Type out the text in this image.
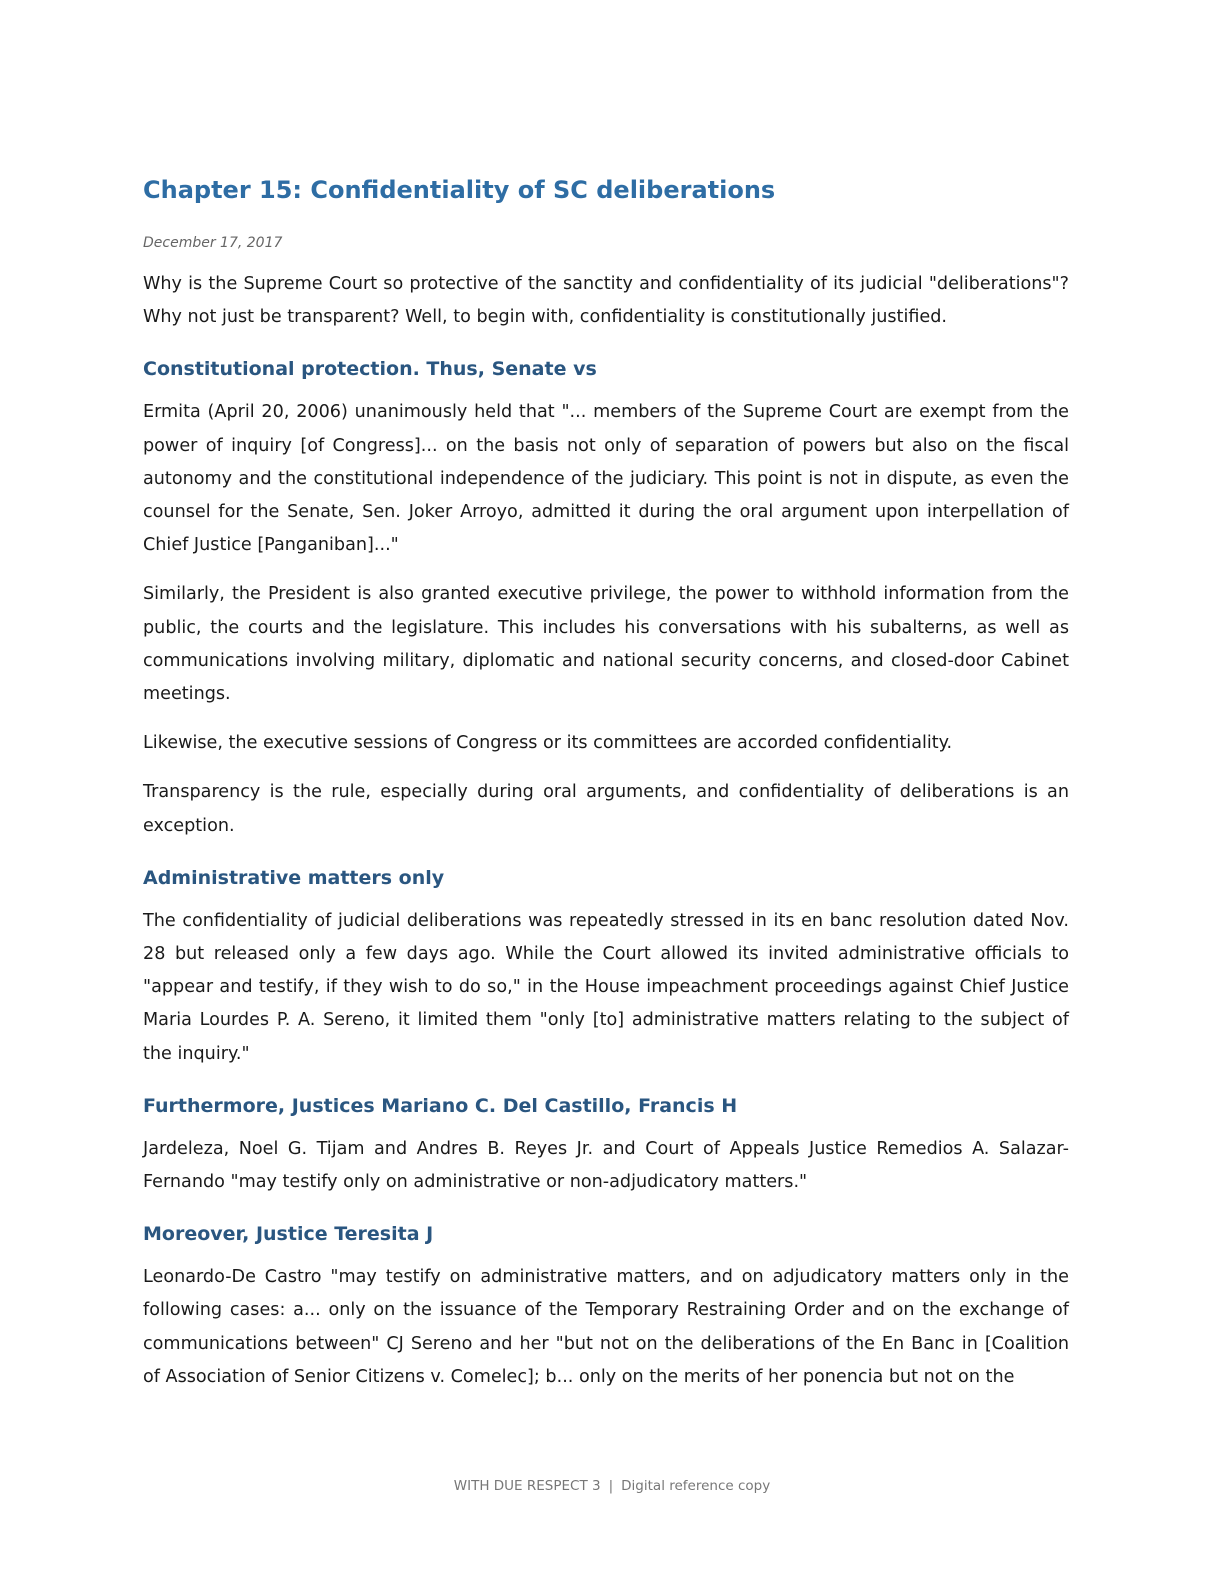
Chapter 15: Confidentiality of SC deliberations
December 17, 2017

Why is the Supreme Court so protective of the sanctity and confidentiality of its judicial "deliberations"? Why not just be transparent? Well, to begin with, confidentiality is constitutionally justified.

Constitutional protection. Thus, Senate vs

Ermita (April 20, 2006) unanimously held that "... members of the Supreme Court are exempt from the power of inquiry [of Congress]... on the basis not only of separation of powers but also on the fiscal autonomy and the constitutional independence of the judiciary. This point is not in dispute, as even the counsel for the Senate, Sen. Joker Arroyo, admitted it during the oral argument upon interpellation of Chief Justice [Panganiban]..."

Similarly, the President is also granted executive privilege, the power to withhold information from the public, the courts and the legislature. This includes his conversations with his subalterns, as well as communications involving military, diplomatic and national security concerns, and closed-door Cabinet meetings.

Likewise, the executive sessions of Congress or its committees are accorded confidentiality.

Transparency is the rule, especially during oral arguments, and confidentiality of deliberations is an exception.

Administrative matters only

The confidentiality of judicial deliberations was repeatedly stressed in its en banc resolution dated Nov. 28 but released only a few days ago. While the Court allowed its invited administrative officials to "appear and testify, if they wish to do so," in the House impeachment proceedings against Chief Justice Maria Lourdes P. A. Sereno, it limited them "only [to] administrative matters relating to the subject of the inquiry."

Furthermore, Justices Mariano C. Del Castillo, Francis H

Jardeleza, Noel G. Tijam and Andres B. Reyes Jr. and Court of Appeals Justice Remedios A. Salazar-Fernando "may testify only on administrative or non-adjudicatory matters."

Moreover, Justice Teresita J

Leonardo-De Castro "may testify on administrative matters, and on adjudicatory matters only in the following cases: a... only on the issuance of the Temporary Restraining Order and on the exchange of communications between" CJ Sereno and her "but not on the deliberations of the En Banc in [Coalition of Association of Senior Citizens v. Comelec]; b... only on the merits of her ponencia but not on the

WITH DUE RESPECT 3 | Digital reference copy
